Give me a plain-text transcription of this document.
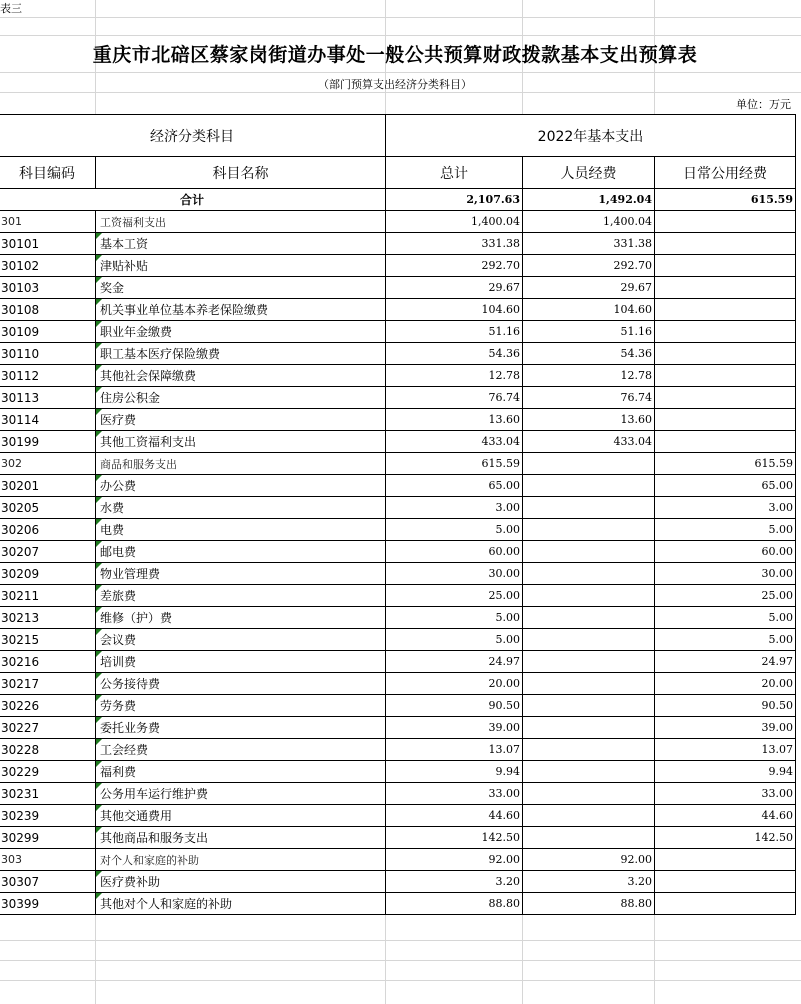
表三
重庆市北碚区蔡家岗街道办事处一般公共预算财政拨款基本支出预算表
（部门预算支出经济分类科目）
单位：万元
经济分类科目		2022年基本支出		
科目编码	科目名称	总计	人员经费	日常公用经费
合计		2,107.63	1,492.04	615.59
301	工资福利支出	1,400.04	1,400.04	
30101	基本工资	331.38	331.38	
30102	津贴补贴	292.70	292.70	
30103	奖金	29.67	29.67	
30108	机关事业单位基本养老保险缴费	104.60	104.60	
30109	职业年金缴费	51.16	51.16	
30110	职工基本医疗保险缴费	54.36	54.36	
30112	其他社会保障缴费	12.78	12.78	
30113	住房公积金	76.74	76.74	
30114	医疗费	13.60	13.60	
30199	其他工资福利支出	433.04	433.04	
302	商品和服务支出	615.59		615.59
30201	办公费	65.00		65.00
30205	水费	3.00		3.00
30206	电费	5.00		5.00
30207	邮电费	60.00		60.00
30209	物业管理费	30.00		30.00
30211	差旅费	25.00		25.00
30213	维修（护）费	5.00		5.00
30215	会议费	5.00		5.00
30216	培训费	24.97		24.97
30217	公务接待费	20.00		20.00
30226	劳务费	90.50		90.50
30227	委托业务费	39.00		39.00
30228	工会经费	13.07		13.07
30229	福利费	9.94		9.94
30231	公务用车运行维护费	33.00		33.00
30239	其他交通费用	44.60		44.60
30299	其他商品和服务支出	142.50		142.50
303	对个人和家庭的补助	92.00	92.00	
30307	医疗费补助	3.20	3.20	
30399	其他对个人和家庭的补助	88.80	88.80	
